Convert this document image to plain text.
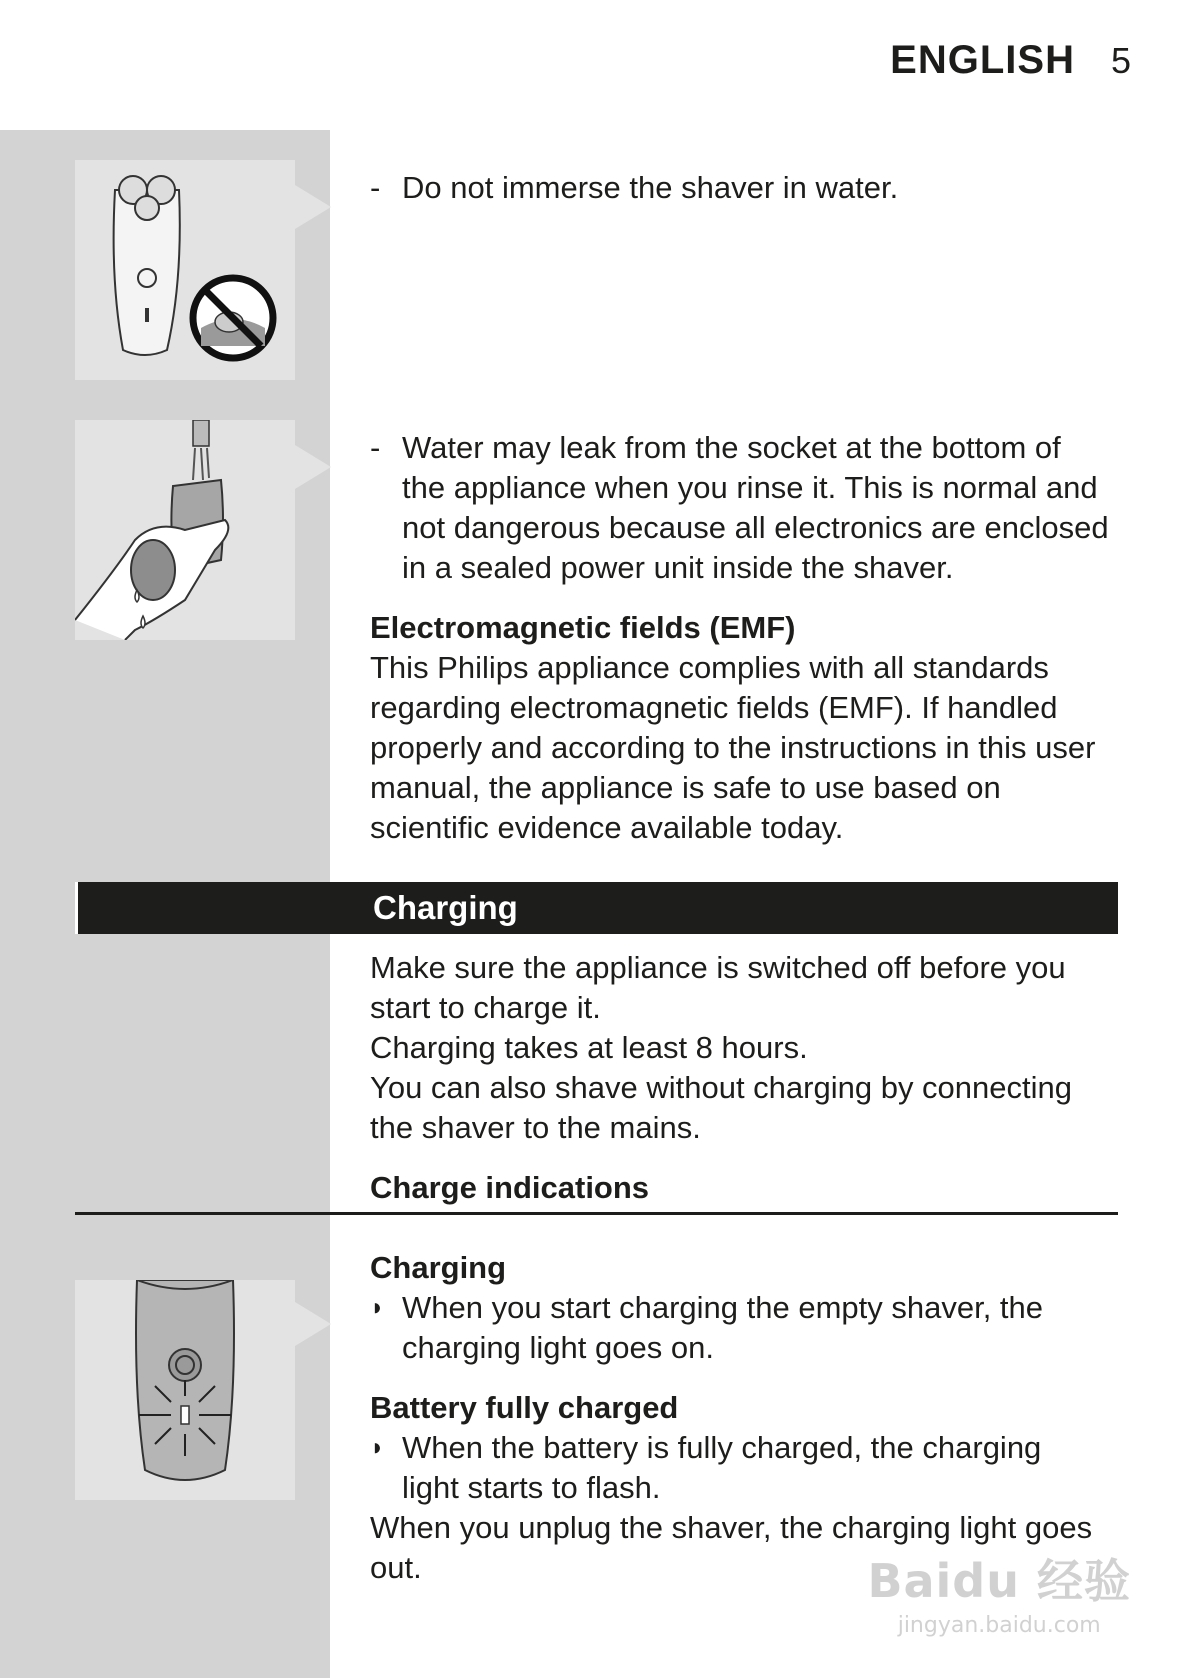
ENGLISH 5
- Do not immerse the shaver in water.

- Water may leak from the socket at the bottom of the appliance when you rinse it. This is normal and not dangerous because all electronics are enclosed in a sealed power unit inside the shaver.

Electromagnetic fields (EMF)

This Philips appliance complies with all standards regarding electromagnetic fields (EMF). If handled properly and according to the instructions in this user manual, the appliance is safe to use based on scientific evidence available today.

Charging

Make sure the appliance is switched off before you start to charge it.

Charging takes at least 8 hours.

You can also shave without charging by connecting the shaver to the mains.

Charge indications
Charging
◗ When you start charging the empty shaver, the charging light goes on.

Battery fully charged
◗ When the battery is fully charged, the charging light starts to flash.

When you unplug the shaver, the charging light goes out.	Baidu 经验
jingyan.baidu.com
